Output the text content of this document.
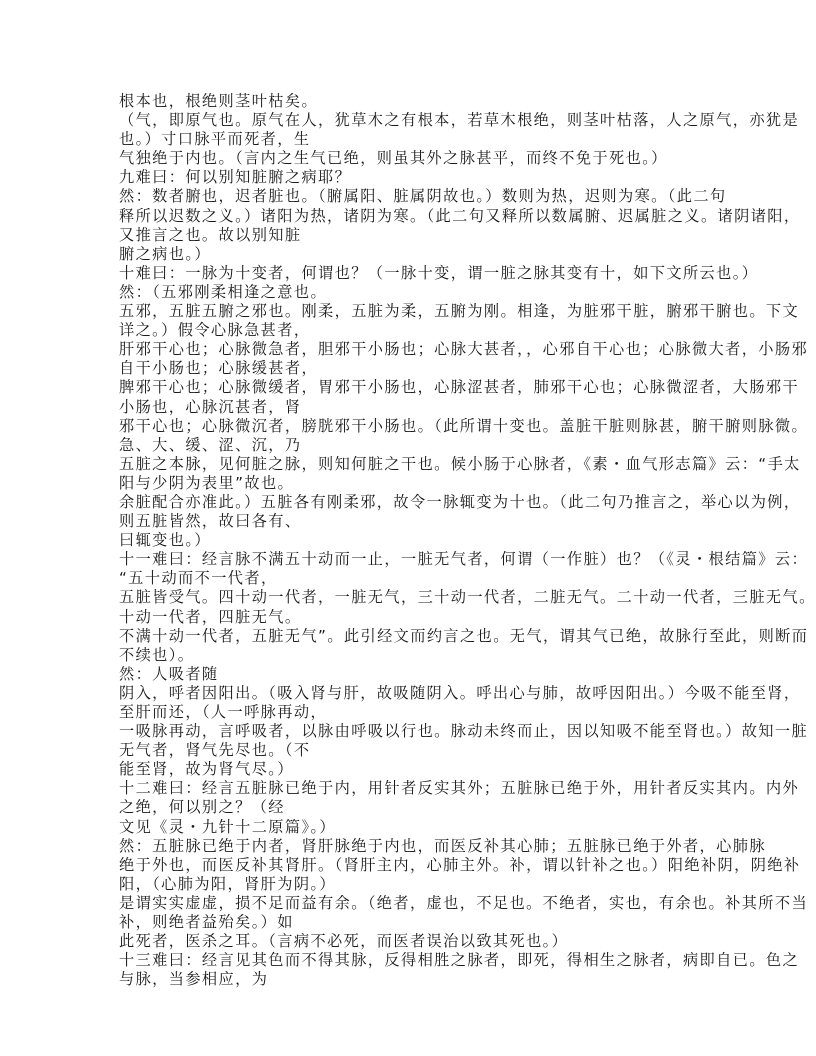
根本也，根绝则茎叶枯矣。
（气，即原气也。原气在人，犹草木之有根本，若草木根绝，则茎叶枯落，人之原气，亦犹是
也。）寸口脉平而死者，生
气独绝于内也。（言内之生气已绝，则虽其外之脉甚平，而终不免于死也。）
九难曰：何以别知脏腑之病耶？
然：数者腑也，迟者脏也。（腑属阳、脏属阴故也。）数则为热，迟则为寒。（此二句
释所以迟数之义。）诸阳为热，诸阴为寒。（此二句又释所以数属腑、迟属脏之义。诸阴诸阳，
又推言之也。故以别知脏
腑之病也。）
十难曰：一脉为十变者，何谓也？（一脉十变，谓一脏之脉其变有十，如下文所云也。）
然：（五邪刚柔相逢之意也。
五邪，五脏五腑之邪也。刚柔，五脏为柔，五腑为刚。相逢，为脏邪干脏，腑邪干腑也。下文
详之。）假令心脉急甚者，
肝邪干心也；心脉微急者，胆邪干小肠也；心脉大甚者，，心邪自干心也；心脉微大者，小肠邪
自干小肠也；心脉缓甚者，
脾邪干心也；心脉微缓者，胃邪干小肠也，心脉涩甚者，肺邪干心也；心脉微涩者，大肠邪干
小肠也，心脉沉甚者，肾
邪干心也；心脉微沉者，膀胱邪干小肠也。（此所谓十变也。盖脏干脏则脉甚，腑干腑则脉微。
急、大、缓、涩、沉，乃
五脏之本脉，见何脏之脉，则知何脏之干也。候小肠于心脉者，《素・血气形志篇》云：“手太
阳与少阴为表里”故也。
余脏配合亦准此。）五脏各有刚柔邪，故令一脉辄变为十也。（此二句乃推言之，举心以为例，
则五脏皆然，故曰各有、
曰辄变也。）
十一难曰：经言脉不满五十动而一止，一脏无气者，何谓（一作脏）也？（《灵・根结篇》云：
“五十动而不一代者，
五脏皆受气。四十动一代者，一脏无气，三十动一代者，二脏无气。二十动一代者，三脏无气。
十动一代者，四脏无气。
不满十动一代者，五脏无气”。此引经文而约言之也。无气，谓其气已绝，故脉行至此，则断而
不续也）。
然：人吸者随
阴入，呼者因阳出。（吸入肾与肝，故吸随阴入。呼出心与肺，故呼因阳出。）今吸不能至肾，
至肝而还，（人一呼脉再动，
一吸脉再动，言呼吸者，以脉由呼吸以行也。脉动未终而止，因以知吸不能至肾也。）故知一脏
无气者，肾气先尽也。（不
能至肾，故为肾气尽。）
十二难曰：经言五脏脉已绝于内，用针者反实其外；五脏脉已绝于外，用针者反实其内。内外
之绝，何以别之？（经
文见《灵・九针十二原篇》。）
然：五脏脉已绝于内者，肾肝脉绝于内也，而医反补其心肺；五脏脉已绝于外者，心肺脉
绝于外也，而医反补其肾肝。（肾肝主内，心肺主外。补，谓以针补之也。）阳绝补阴，阴绝补
阳，（心肺为阳，肾肝为阴。）
是谓实实虚虚，损不足而益有余。（绝者，虚也，不足也。不绝者，实也，有余也。补其所不当
补，则绝者益殆矣。）如
此死者，医杀之耳。（言病不必死，而医者误治以致其死也。）
十三难曰：经言见其色而不得其脉，反得相胜之脉者，即死，得相生之脉者，病即自已。色之
与脉，当参相应，为
